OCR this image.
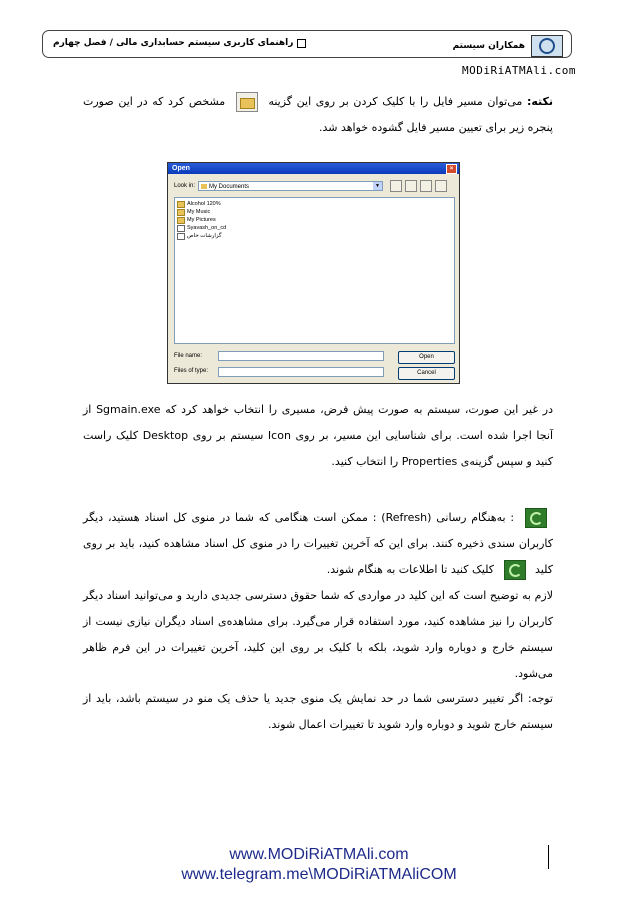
همکاران سیستم
راهنمای کاربری سیستم حسابداری مالی / فصل چهارم
MODiRiATMAli.com
نکته: می‌توان مسیر فایل را با کلیک کردن بر روی این گزینه
مشخص کرد که در این صورت پنجره زیر برای تعیین مسیر فایل گشوده خواهد شد.
Open	×
Look in:	My Documents	▼
Alcohol 120%
My Music
My Pictures
Syavash_on_cd
گزارشات خاص
File name:
Files of type:
Open
Cancel
در غیر این صورت، سیستم به صورت پیش فرض، مسیری را انتخاب خواهد کرد که Sgmain.exe از آنجا اجرا شده است. برای شناسایی این مسیر، بر روی Icon سیستم بر روی Desktop کلیک راست کنید و سپس گزینه‌ی Properties را انتخاب کنید.
: به‌هنگام رسانی (Refresh) : ممکن است هنگامی که شما در منوی کل اسناد هستید، دیگر کاربران سندی ذخیره کنند. برای این که آخرین تغییرات را در منوی کل اسناد مشاهده کنید، باید بر روی کلید
کلیک کنید تا اطلاعات به هنگام شوند.
لازم به توضیح است که این کلید در مواردی که شما حقوق دسترسی جدیدی دارید و می‌توانید اسناد دیگر کاربران را نیز مشاهده کنید، مورد استفاده قرار می‌گیرد. برای مشاهده‌ی اسناد دیگران نیازی نیست از سیستم خارج و دوباره وارد شوید، بلکه با کلیک بر روی این کلید، آخرین تغییرات در این فرم ظاهر می‌شود.
توجه: اگر تغییر دسترسی شما در حد نمایش یک منوی جدید یا حذف یک منو در سیستم باشد، باید از سیستم خارج شوید و دوباره وارد شوید تا تغییرات اعمال شوند.
www.MODiRiATMAli.com
www.telegram.me\MODiRiATMAliCOM
